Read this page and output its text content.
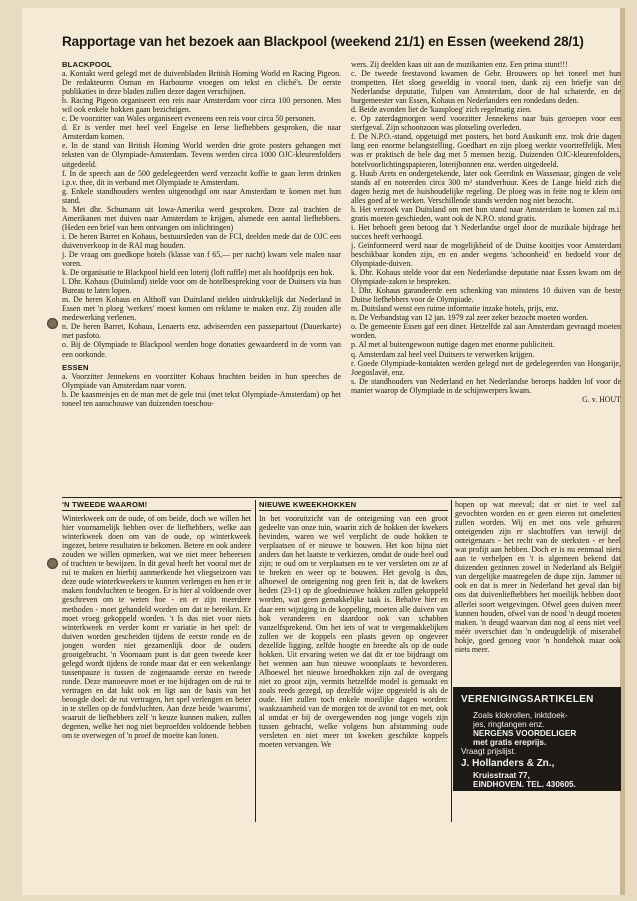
Rapportage van het bezoek aan Blackpool (weekend 21/1) en Essen (weekend 28/1)
BLACKPOOL

a. Kontakt werd gelegd met de duivenbladen British Homing World en Racing Pigeon. De redakteuren Osman en Harbourne vroegen om tekst en cliché's. De eerste publikaties in deze bladen zullen dezer dagen verschijnen.

b. Racing Pigeon organiseert een reis naar Amsterdam voor circa 100 personen. Men wil ook enkele hokken gaan bezichtigen.

c. De voorzitter van Wales organiseert eveneens een reis voor circa 50 personen.

d. Er is verder met heel veel Engelse en Ierse liefhebbers gesproken, die naar Amsterdam komen.

e. In de stand van British Homing World werden drie grote posters gehangen met teksten van de Olympiade-Amsterdam. Tevens werden circa 1000 OJC-kleurenfolders uitgedeeld.

f. In de speech aan de 500 gedelegeerden werd verzocht koffie te gaan leren drinken i.p.v. thee, dit in verband met Olympiade te Amsterdam.

g. Enkele standhouders werden uitgenodigd om naar Amsterdam te komen met hun stand.

h. Met dhr. Schumann uit Iowa-Amerika werd gesproken. Deze zal trachten de Amerikanen met duiven naar Amsterdam te krijgen, alsmede een aantal liefhebbers. (Heden een brief van hem ontvangen om inlichtingen)

i. De heren Barret en Kohaus, bestuursleden van de FCI, deelden mede dat de OJC een duivenverkoop in de RAI mag houden.

j. De vraag om goedkope hotels (klasse van f 65,— per nacht) kwam vele malen naar voren.

k. De organisatie te Blackpool hield een loterij (loft ruffle) met als hoofdprijs een hok.

l. Dhr. Kohaus (Duitsland) stelde voor om de hotelbespreking voor de Duitsers via hun Bureau te laten lopen.

m. De heren Kohaus en Althoff van Duitsland stelden uitdrukkelijk dat Nederland in Essen met 'n ploeg 'werkers' moest komen om reklame te maken enz. Zij zouden alle medewerking verlenen.

n. De heren Barret, Kohaus, Lenaerts enz. adviseerden een passepartout (Dauerkarte) met pasfoto.

o. Bij de Olympiade te Blackpool werden hoge donaties gewaardeerd in de vorm van een oorkonde.

ESSEN

a. Voorzitter Jennekens en voorzitter Kohaus brachten beiden in hun speeches de Olympiade van Amsterdam naar voren.

b. De kaasmeisjes en de man met de gele trui (met tekst Olympiade-Amsterdam) op het toneel ten aanschouwe van duizenden toeschou-

wers. Zij deelden kaas uit aan de muzikanten enz. Een prima stunt!!!

c. De tweede feestavond kwamen de Gebr. Brouwers op het toneel met hun trompetten. Het sloeg geweldig in vooral toen, dank zij een briefje van de Nederlandse deputatie, Tulpen van Amsterdam, door de hal schaterde, en de burgemeester van Essen, Kohaus en Nederlanders een rondedans deden.

d. Beide avonden liet de 'kaasploeg' zich regelmatig zien.

e. Op zaterdagmorgen werd voorzitter Jennekens naar huis geroepen voor een sterfgeval. Zijn schoonzoon was plotseling overleden.

f. De N.P.O.-stand, opgetuigd met posters, het bord Auskunft enz. trok drie dagen lang een enorme belangstelling. Goedhart en zijn ploeg werkte voortreffelijk. Men was er praktisch de hele dag met 5 mensen bezig. Duizenden OJC-kleurenfolders, hotelvoorlichtingspapieren, loterijbonnen enz. werden uitgedeeld.

g. Huub Arets en ondergetekende, later ook Geerdink en Wassenaar, gingen de vele stands af en noteerden circa 300 m² standverhuur. Kees de Lange hield zich die dagen bezig met de huishoudelijke regeling. De ploeg was in feite nog te klein om alles goed af te werken. Verschillende stands werden nog niet bezocht.

h. Het verzoek van Duitsland om met hun stand naar Amsterdam te komen zal m.i. gratis moeten geschieden, want ook de N.P.O. stond gratis.

i. Het behoeft geen betoog dat 't Nederlandse orgel door de muzikale bijdrage het succes heeft verhoogd.

j. Geïnformeerd werd naar de mogelijkheid of de Duitse kooitjes voor Amsterdam beschikbaar konden zijn, en en ander wegens 'schoonheid' en bedoeld voor de Olympiade-duiven.

k. Dhr. Kohaus stelde voor dat een Nederlandse deputatie naar Essen kwam om de Olympiade-zaken te bespreken.

l. Dhr. Kohaus garandeerde een schenking van minstens 10 duiven van de beste Duitse liefhebbers voor de Olympiade.

m. Duitsland wenst een ruime informatie inzake hotels, prijs, enz.

n. De Verbandstag van 12 jan. 1979 zal zeer zeker bezocht moeten worden.

o. De gemeente Essen gaf een diner. Hetzelfde zal aan Amsterdam gevraagd moeten worden.

p. Al met al buitengewoon nuttige dagen met enorme publiciteit.

q. Amsterdam zal heel veel Duitsers te verwerken krijgen.

r. Goede Olympiade-kontakten werden gelegd met de gedelegeerden van Hongarije, Joegoslavië, enz.

s. De standhouders van Nederland en het Nederlandse beroeps hadden lof voor de manier waarop de Olympiade in de schijnwerpers kwam.

G. v. HOUT

'N TWEEDE WAAROM!

Winterkweek om de oude, of om beide, doch we willen het hier voornamelijk hebben over de liefhebbers, welke aan winterkweek doen om van de oude, op winterkweek ingezet, betere resultaten te bekomen. Betere en ook andere zouden we willen opmerken, wat we niet meer beheersen of trachten te bewijzen. In dit geval heeft het vooral met de rui te maken en hierbij aanmerkende het vliegseizoen van deze oude winterkweekers te kunnen verlengen en hen er te maken fondvluchten te beogen. Er is hier al voldoende over geschreven om te weten hoe - en er zijn meerdere methoden - moet gehandeld worden om dat te bereiken. Er moet vroeg gekoppeld worden. 't Is dus niet voor niets winterkweek en verder komt er variatie in het spel: de duiven worden gescheiden tijdens de eerste ronde en de jongen worden niet gezamenlijk door de ouders grootgebracht. 'n Voornaam punt is dat geen tweede keer gelegd wordt tijdens de ronde maar dat er een wekenlange tussenpauze is tussen de zogenaamde eerste en tweede ronde. Deze manoeuvre moet er toe bijdragen om de rui te vertragen en dat lukt ook en ligt aan de basis van het beoogde doel: de rui vertragen, het spel verlengen en beter in te stellen op de fondvluchten. Aan deze beide 'waaroms', waaruit de liefhebbers zelf 'n keuze kunnen maken, zullen degenen, welke het nog niet beproefden voldoende hebben om te overwegen of 'n proef de moeite kan lonen.

NIEUWE KWEEKHOKKEN

In het vooruitzicht van de onteigening van een groot gedeelte van onze tuin, waarin zich de hokken der kwekers bevinden, waren we wel verplicht de oude hokken te verplaatsen of er nieuwe te bouwen. Het kon bijna niet anders dan het laatste te verkiezen, omdat de oude heel oud zijn; te oud om te verplaatsen en te ver versleten om ze af te breken en weer op te bouwen. Het gevolg is dus, alhoewel de onteigening nog geen feit is, dat de kwekers heden (23-1) op de gloednieuwe hokken zullen gekoppeld worden, wat geen gemakkelijke taak is. Behalve hier en daar een wijziging in de koppeling, moeten alle duiven van hok veranderen en daardoor ook van schabben vanzelfsprekend. Om het iets of wat te vergemakkelijken zullen we de koppels een plaats geven op ongeveer dezelfde ligging, zelfde hoogte en breedte als op de oude hokken. Uit ervaring weten we dat dit er toe bijdraagt om het wennen aan hun nieuwe woonplaats te bevorderen. Alhoewel het nieuwe broedhokken zijn zal de overgang niet zo groot zijn, vermits hetzelfde model is gemaakt en zoals reeds gezegd, op dezelfde wijze opgesteld is als de oude. Het zullen toch enkele moeilijke dagen worden: waakzaamheid van de morgen tot de avond tot en met, ook al omdat er bij de overgewenden nog jonge vogels zijn tussen gebracht, welke volgens hun afstamming oude versleten en niet meer tot kweken geschikte koppels moeten vervangen. We

hopen op wat meeval; dat er niet te veel zal gevochten worden en er geen eieren tot omeletten zullen worden. Wij en met ons vele gehuren onteigenden zijn er slachtoffers van terwijl de onteigenaars - het recht van de sterksten - er heel wat profijt aan hebben. Doch er is nu eenmaal niets aan te verhelpen en 't is algemeen bekend dat duizenden gezinnen zowel in Nederland als België van dergelijke maatregelen de dupe zijn. Jammer is ook en dat is meer in Nederland het geval dan bij ons dat duivenliefhebbers het moeilijk hebben door allerlei soort wetgevingen. Ofwel geen duiven meer kunnen houden, ofwel van de nood 'n deugd moeten maken. 'n deugd waarvan dan nog al eens niet veel méér overschiet dan 'n ondeugdelijk of miserabel hokje, goed genoeg voor 'n hondehok maar ook niets meer.

VERENIGINGSARTIKELEN
Zoals klokrollen, inktdoek-
jes, ringtangen enz.
NERGENS VOORDELIGER
met gratis ereprijs.
Vraagt prijslijst.
J. Hollanders & Zn.,
Kruisstraat 77,
EINDHOVEN. TEL. 430605.
